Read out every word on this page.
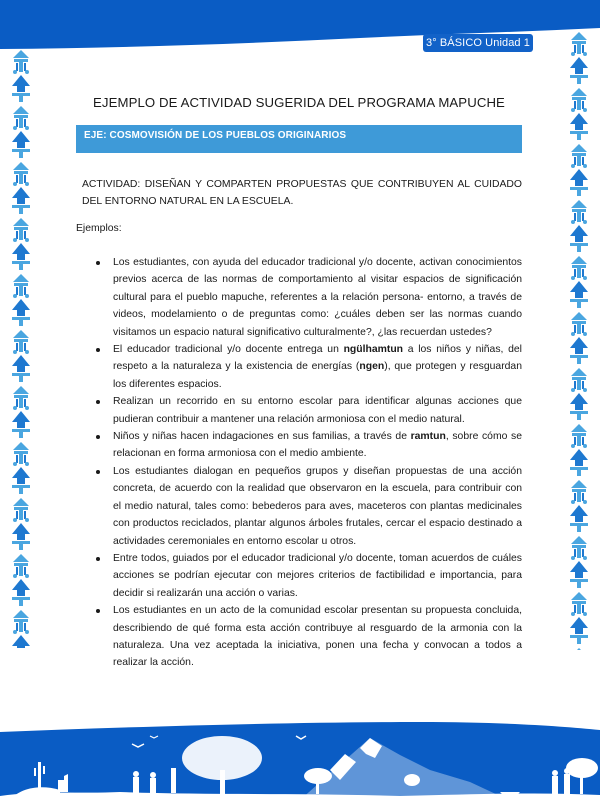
3° BÁSICO Unidad 1
EJEMPLO DE ACTIVIDAD SUGERIDA DEL PROGRAMA MAPUCHE
EJE: COSMOVISIÓN DE LOS PUEBLOS ORIGINARIOS
ACTIVIDAD: DISEÑAN Y COMPARTEN PROPUESTAS QUE CONTRIBUYEN AL CUIDADO DEL ENTORNO NATURAL EN LA ESCUELA.
Ejemplos:
Los estudiantes, con ayuda del educador tradicional y/o docente, activan conocimientos previos acerca de las normas de comportamiento al visitar espacios de significación cultural para el pueblo mapuche, referentes a la relación persona- entorno, a través de videos, modelamiento o de preguntas como: ¿cuáles deben ser las normas cuando visitamos un espacio natural significativo culturalmente?, ¿las recuerdan ustedes?
El educador tradicional y/o docente entrega un ngülhamtun a los niños y niñas, del respeto a la naturaleza y la existencia de energías (ngen), que protegen y resguardan los diferentes espacios.
Realizan un recorrido en su entorno escolar para identificar algunas acciones que pudieran contribuir a mantener una relación armoniosa con el medio natural.
Niños y niñas hacen indagaciones en sus familias, a través de ramtun, sobre cómo se relacionan en forma armoniosa con el medio ambiente.
Los estudiantes dialogan en pequeños grupos y diseñan propuestas de una acción concreta, de acuerdo con la realidad que observaron en la escuela, para contribuir con el medio natural, tales como: bebederos para aves, maceteros con plantas medicinales con productos reciclados, plantar algunos árboles frutales, cercar el espacio destinado a actividades ceremoniales en entorno escolar u otros.
Entre todos, guiados por el educador tradicional y/o docente, toman acuerdos de cuáles acciones se podrían ejecutar con mejores criterios de factibilidad e importancia, para decidir si realizarán una acción o varias.
Los estudiantes en un acto de la comunidad escolar presentan su propuesta concluida, describiendo de qué forma esta acción contribuye al resguardo de la armonia con la naturaleza. Una vez aceptada la iniciativa, ponen una fecha y convocan a todos a realizar la acción.
